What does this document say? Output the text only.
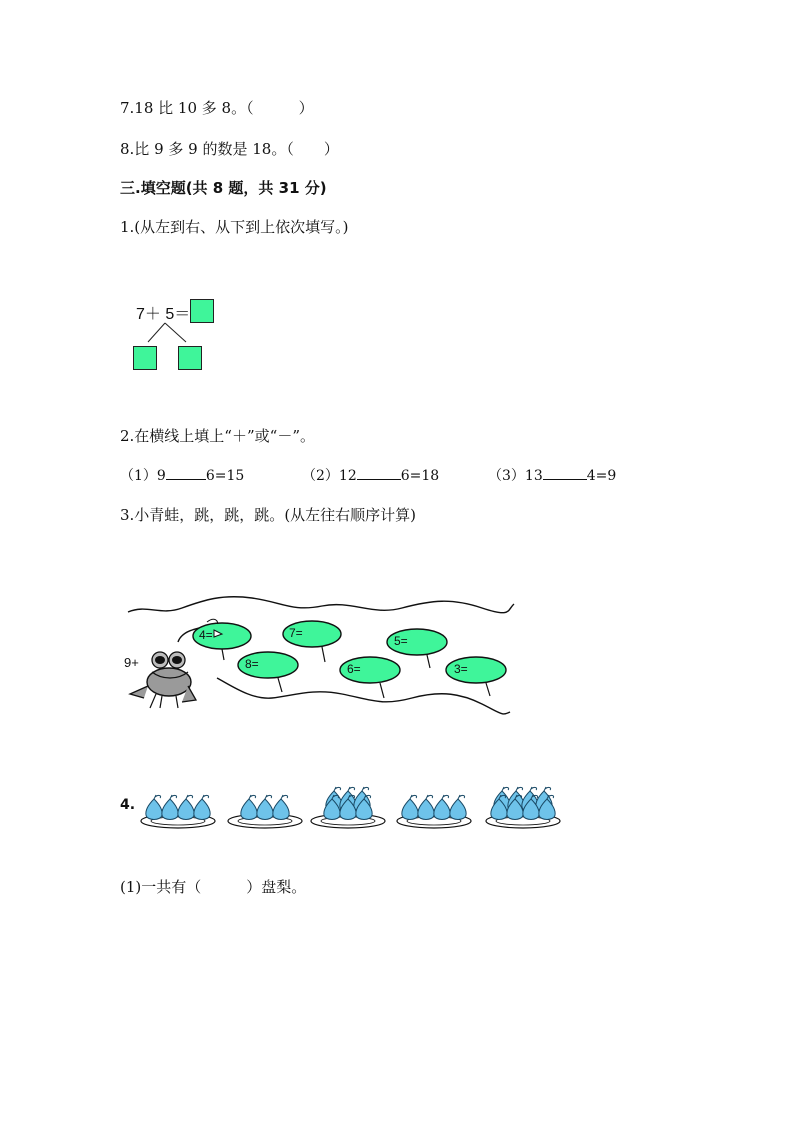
7.18 比 10 多 8。（　　　）
8.比 9 多 9 的数是 18。（　　）
三.填空题(共 8 题，共 31 分)
1.(从左到右、从下到上依次填写。)
7＋ 5＝
2.在横线上填上“＋”或“－”。
（1）9	6=15	（2）12	6=18	（3）13	4=9
3.小青蛙，跳，跳，跳。(从左往右顺序计算)
9+
4=	7=
5=
8=	6=	3=
4.
(1)一共有（　　　）盘梨。
